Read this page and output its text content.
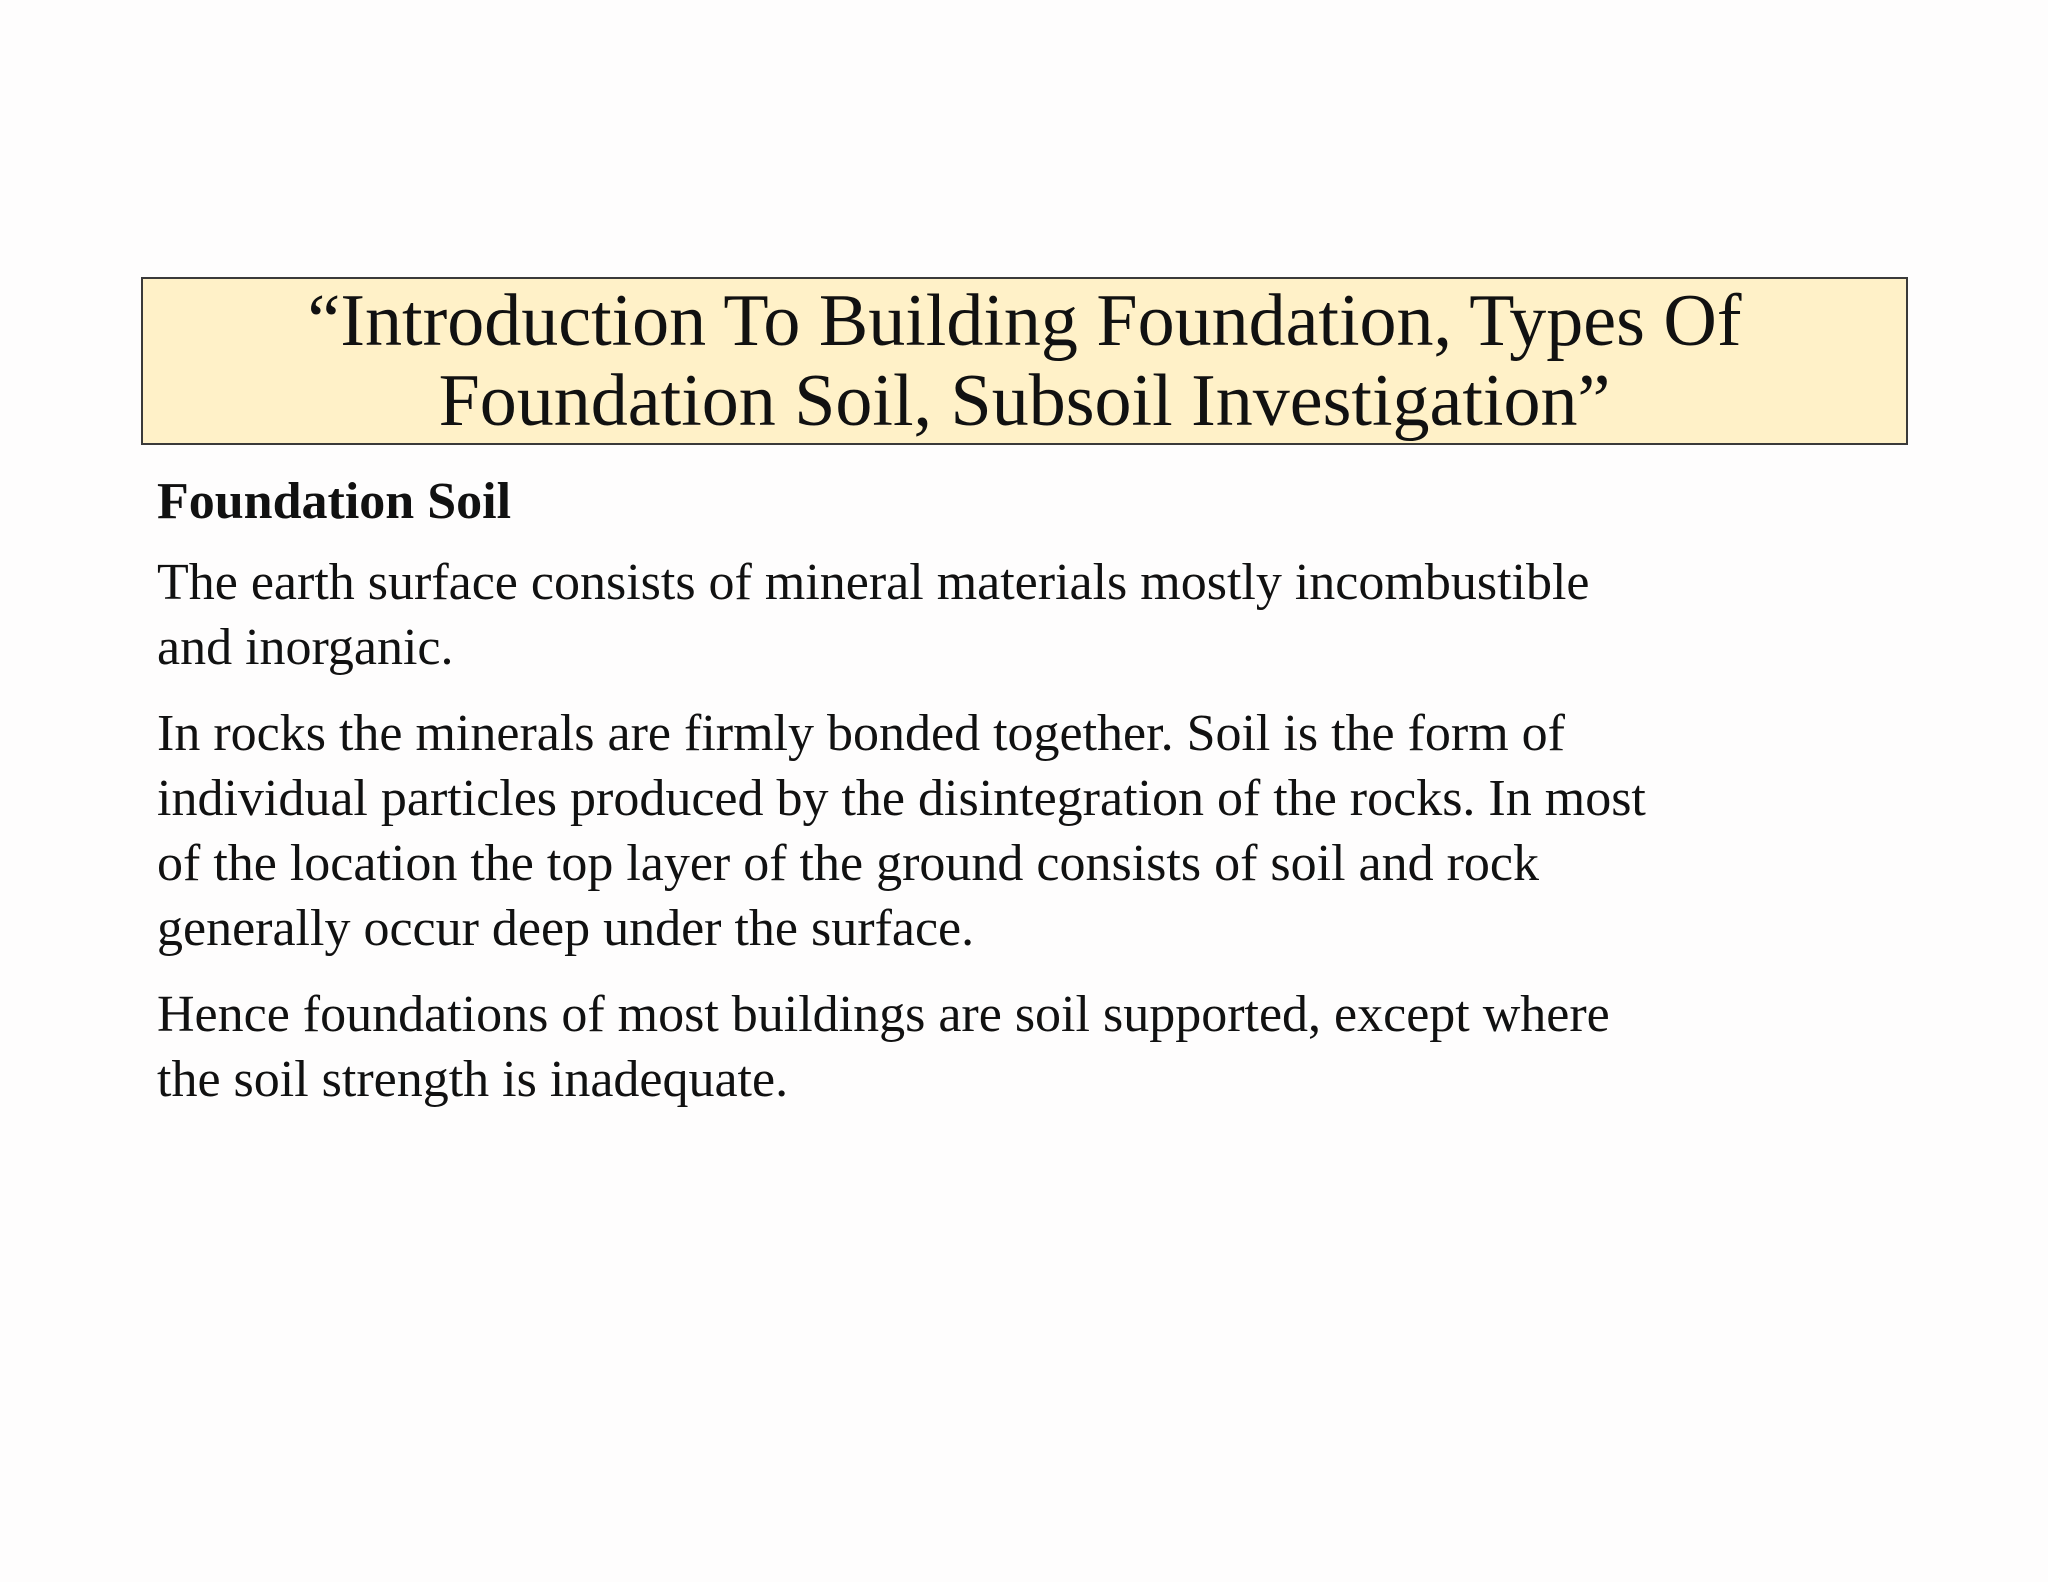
“Introduction To Building Foundation, Types Of
Foundation Soil, Subsoil Investigation”
Foundation Soil
The earth surface consists of mineral materials mostly incombustible
and inorganic.
In rocks the minerals are firmly bonded together. Soil is the form of
individual particles produced by the disintegration of the rocks. In most
of the location the top layer of the ground consists of soil and rock
generally occur deep under the surface.
Hence foundations of most buildings are soil supported, except where
the soil strength is inadequate.
